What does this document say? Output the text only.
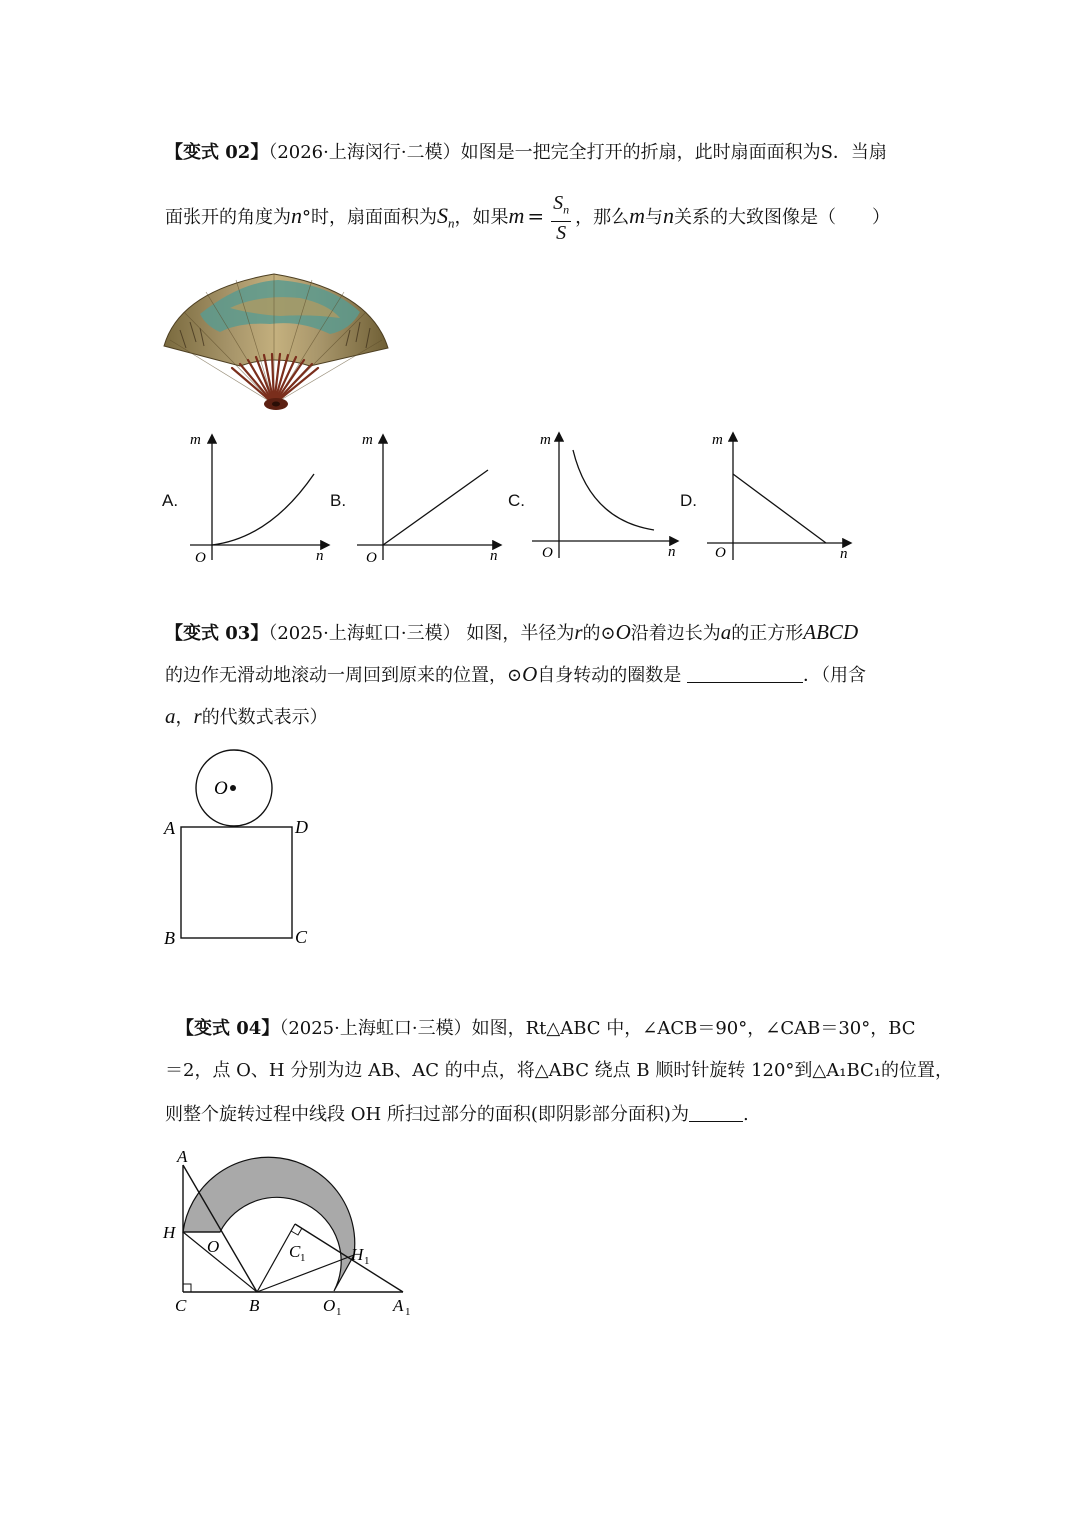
【变式 02】（2026·上海闵行·二模）如图是一把完全打开的折扇，此时扇面面积为S．当扇
面张开的角度为n°时，扇面面积为$S_n$，如果$m = \frac{S_n}{S}$ ，那么m与n关系的大致图像是（　　）
A.	B.	C.	D.
m
n
O
m
n
O
m
n
O
m
n
O
【变式 03】（2025·上海虹口·三模） 如图，半径为r的⊙O沿着边长为a的正方形ABCD
的边作无滑动地滚动一周回到原来的位置，⊙O自身转动的圈数是	．（用含
a，r的代数式表示）
O
A	D
B	C
【变式 04】（2025·上海虹口·三模）如图，Rt△ABC 中，∠ACB＝90°，∠CAB＝30°，BC
＝2，点 O、H 分别为边 AB、AC 的中点，将△ABC 绕点 B 顺时针旋转 120°到△A₁BC₁的位置，
则整个旋转过程中线段 OH 所扫过部分的面积(即阴影部分面积)为	.
A
H
O	C 1	H 1
C	B	O 1	A 1
